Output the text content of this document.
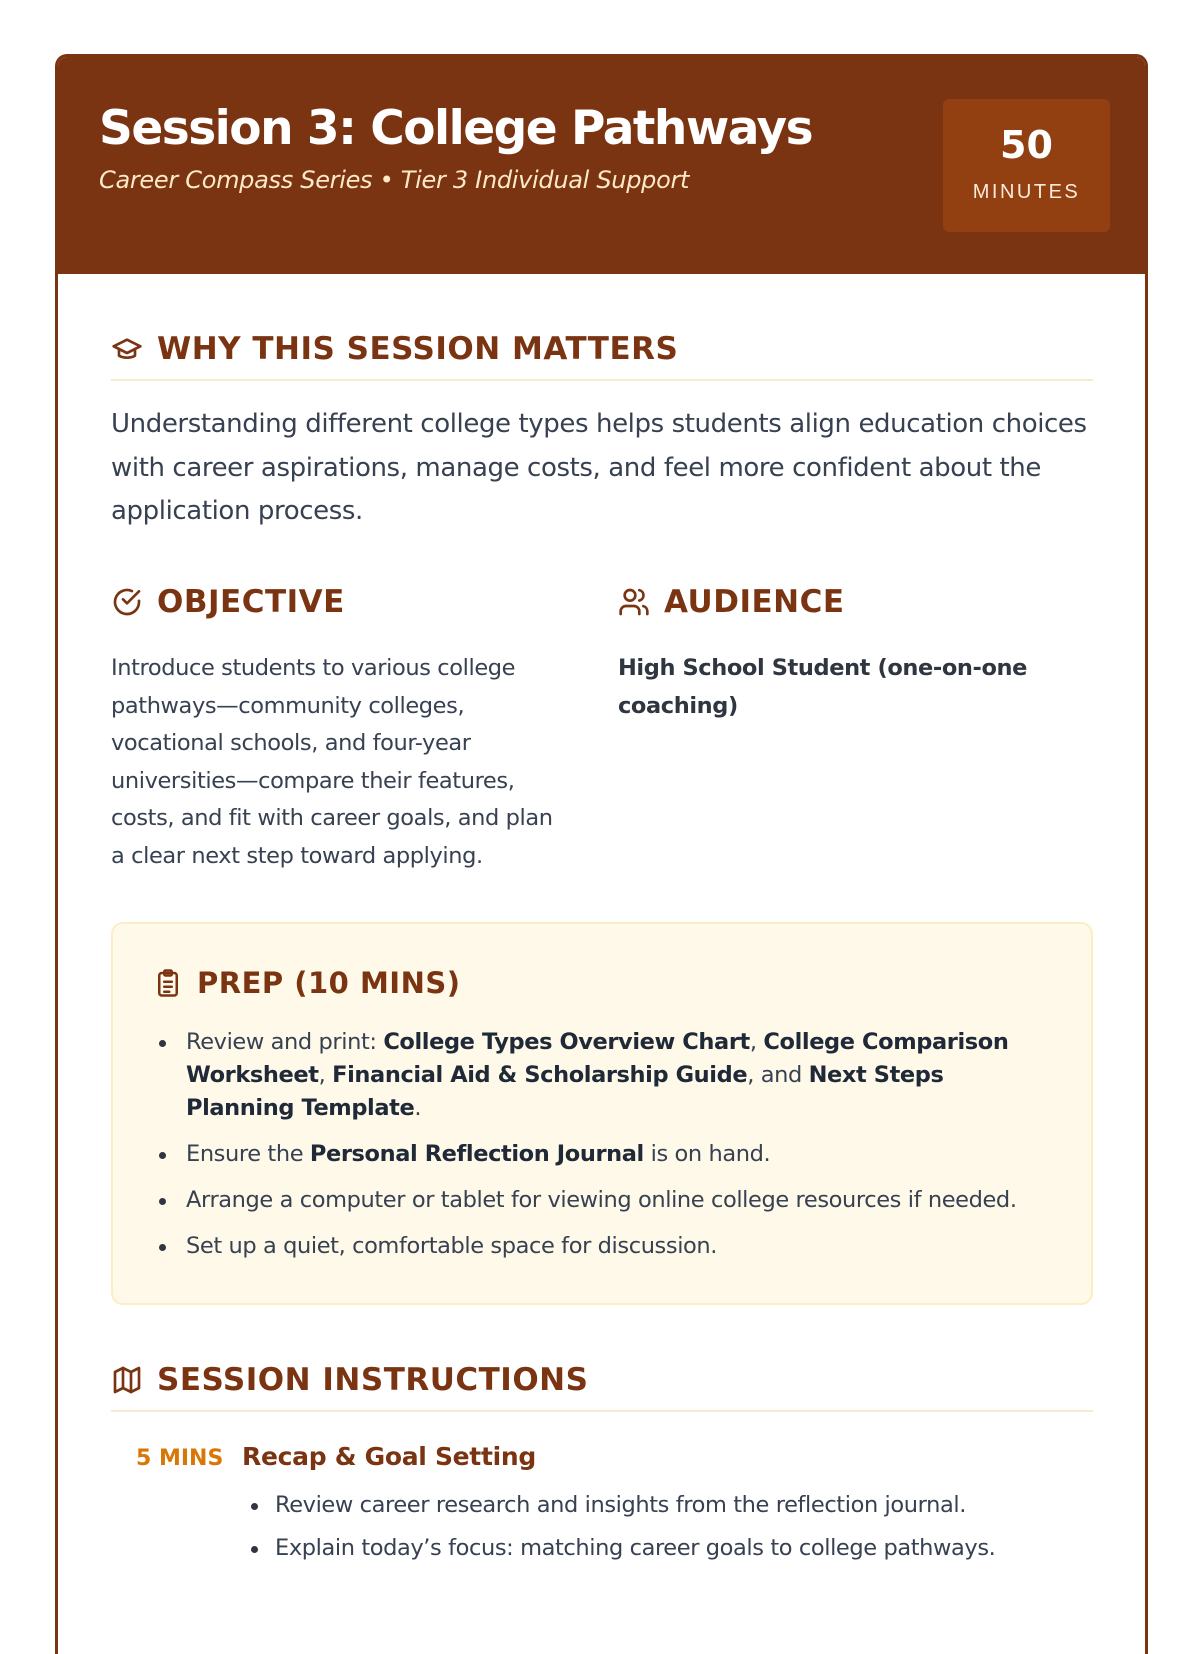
Session 3: College Pathways
Career Compass Series • Tier 3 Individual Support
50
MINUTES
WHY THIS SESSION MATTERS
Understanding different college types helps students align education choices with career aspirations, manage costs, and feel more confident about the application process.
OBJECTIVE

Introduce students to various college pathways—community colleges, vocational schools, and four-year universities—compare their features, costs, and fit with career goals, and plan a clear next step toward applying.

AUDIENCE

High School Student (one-on-one coaching)

PREP (10 MINS)
Review and print: College Types Overview Chart, College Comparison Worksheet, Financial Aid & Scholarship Guide, and Next Steps Planning Template.
Ensure the Personal Reflection Journal is on hand.
Arrange a computer or tablet for viewing online college resources if needed.
Set up a quiet, comfortable space for discussion.
SESSION INSTRUCTIONS
5 MINS Recap & Goal Setting
Review career research and insights from the reflection journal.
Explain today’s focus: matching career goals to college pathways.
